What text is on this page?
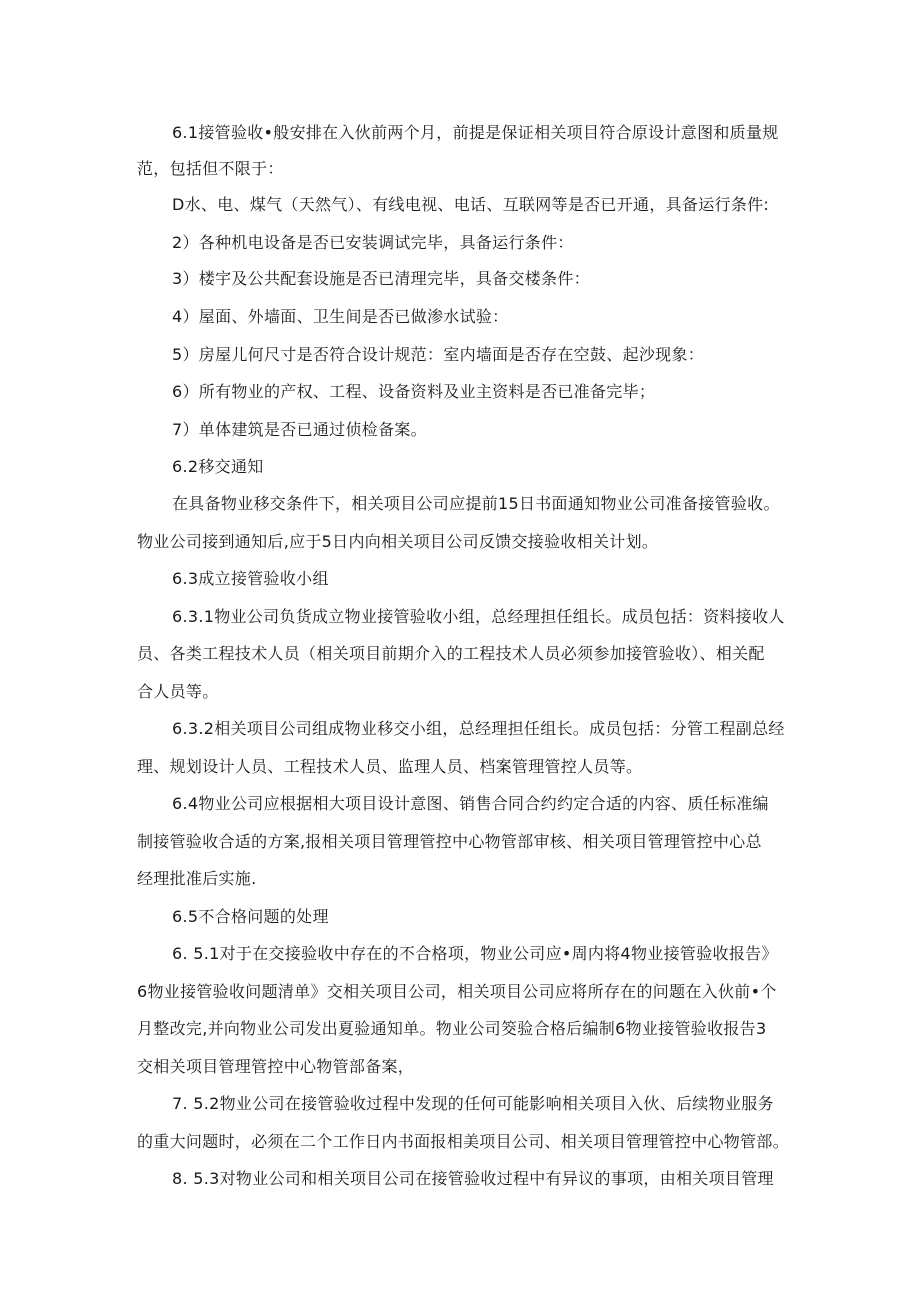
6.1接管验收•般安排在入伙前两个月，前提是保证相关项目符合原设计意图和质量规
范，包括但不限于：
D水、电、煤气（天然气）、有线电视、电话、互联网等是否已开通，具备运行条件:
2）各种机电设备是否已安装调试完毕，具备运行条件：
3）楼宇及公共配套设施是否已清理完毕，具备交楼条件：
4）屋面、外墙面、卫生间是否已做渗水试验：
5）房屋儿何尺寸是否符合设计规范：室内墙面是否存在空鼓、起沙现象：
6）所有物业的产权、工程、设备资料及业主资料是否已准备完毕；
7）单体建筑是否已通过侦检备案。
6.2移交通知
在具备物业移交条件下，相关项目公司应提前15日书面通知物业公司准备接管验收。
物业公司接到通知后,应于5日内向相关项目公司反馈交接验收相关计划。
6.3成立接管验收小组
6.3.1物业公司负货成立物业接管验收小组，总经理担任组长。成员包括：资料接收人
员、各类工程技术人员（相关项目前期介入的工程技术人员必须参加接管验收）、相关配
合人员等。
6.3.2相关项目公司组成物业移交小组，总经理担任组长。成员包括：分管工程副总经
理、规划设计人员、工程技术人员、监理人员、档案管理管控人员等。
6.4物业公司应根据相大项目设计意图、销售合同合约约定合适的内容、质任标准编
制接管验收合适的方案,报相关项目管理管控中心物管部审核、相关项目管理管控中心总
经理批准后实施.
6.5不合格问题的处理
6. 5.1对于在交接验收中存在的不合格项，物业公司应•周内将4物业接管验收报告》
6物业接管验收问题清单》交相关项目公司，相关项目公司应将所存在的问题在入伙前•个
月整改完,并向物业公司发出夏验通知单。物业公司筊验合格后编制6物业接管验收报告3
交相关项目管理管控中心物管部备案，
7. 5.2物业公司在接管验收过程中发现的任何可能影响相关项目入伙、后续物业服务
的重大问题时，必须在二个工作日内书面报相美项目公司、相关项目管理管控中心物管部。
8. 5.3对物业公司和相关项目公司在接管验收过程中有异议的事项，由相关项目管理
